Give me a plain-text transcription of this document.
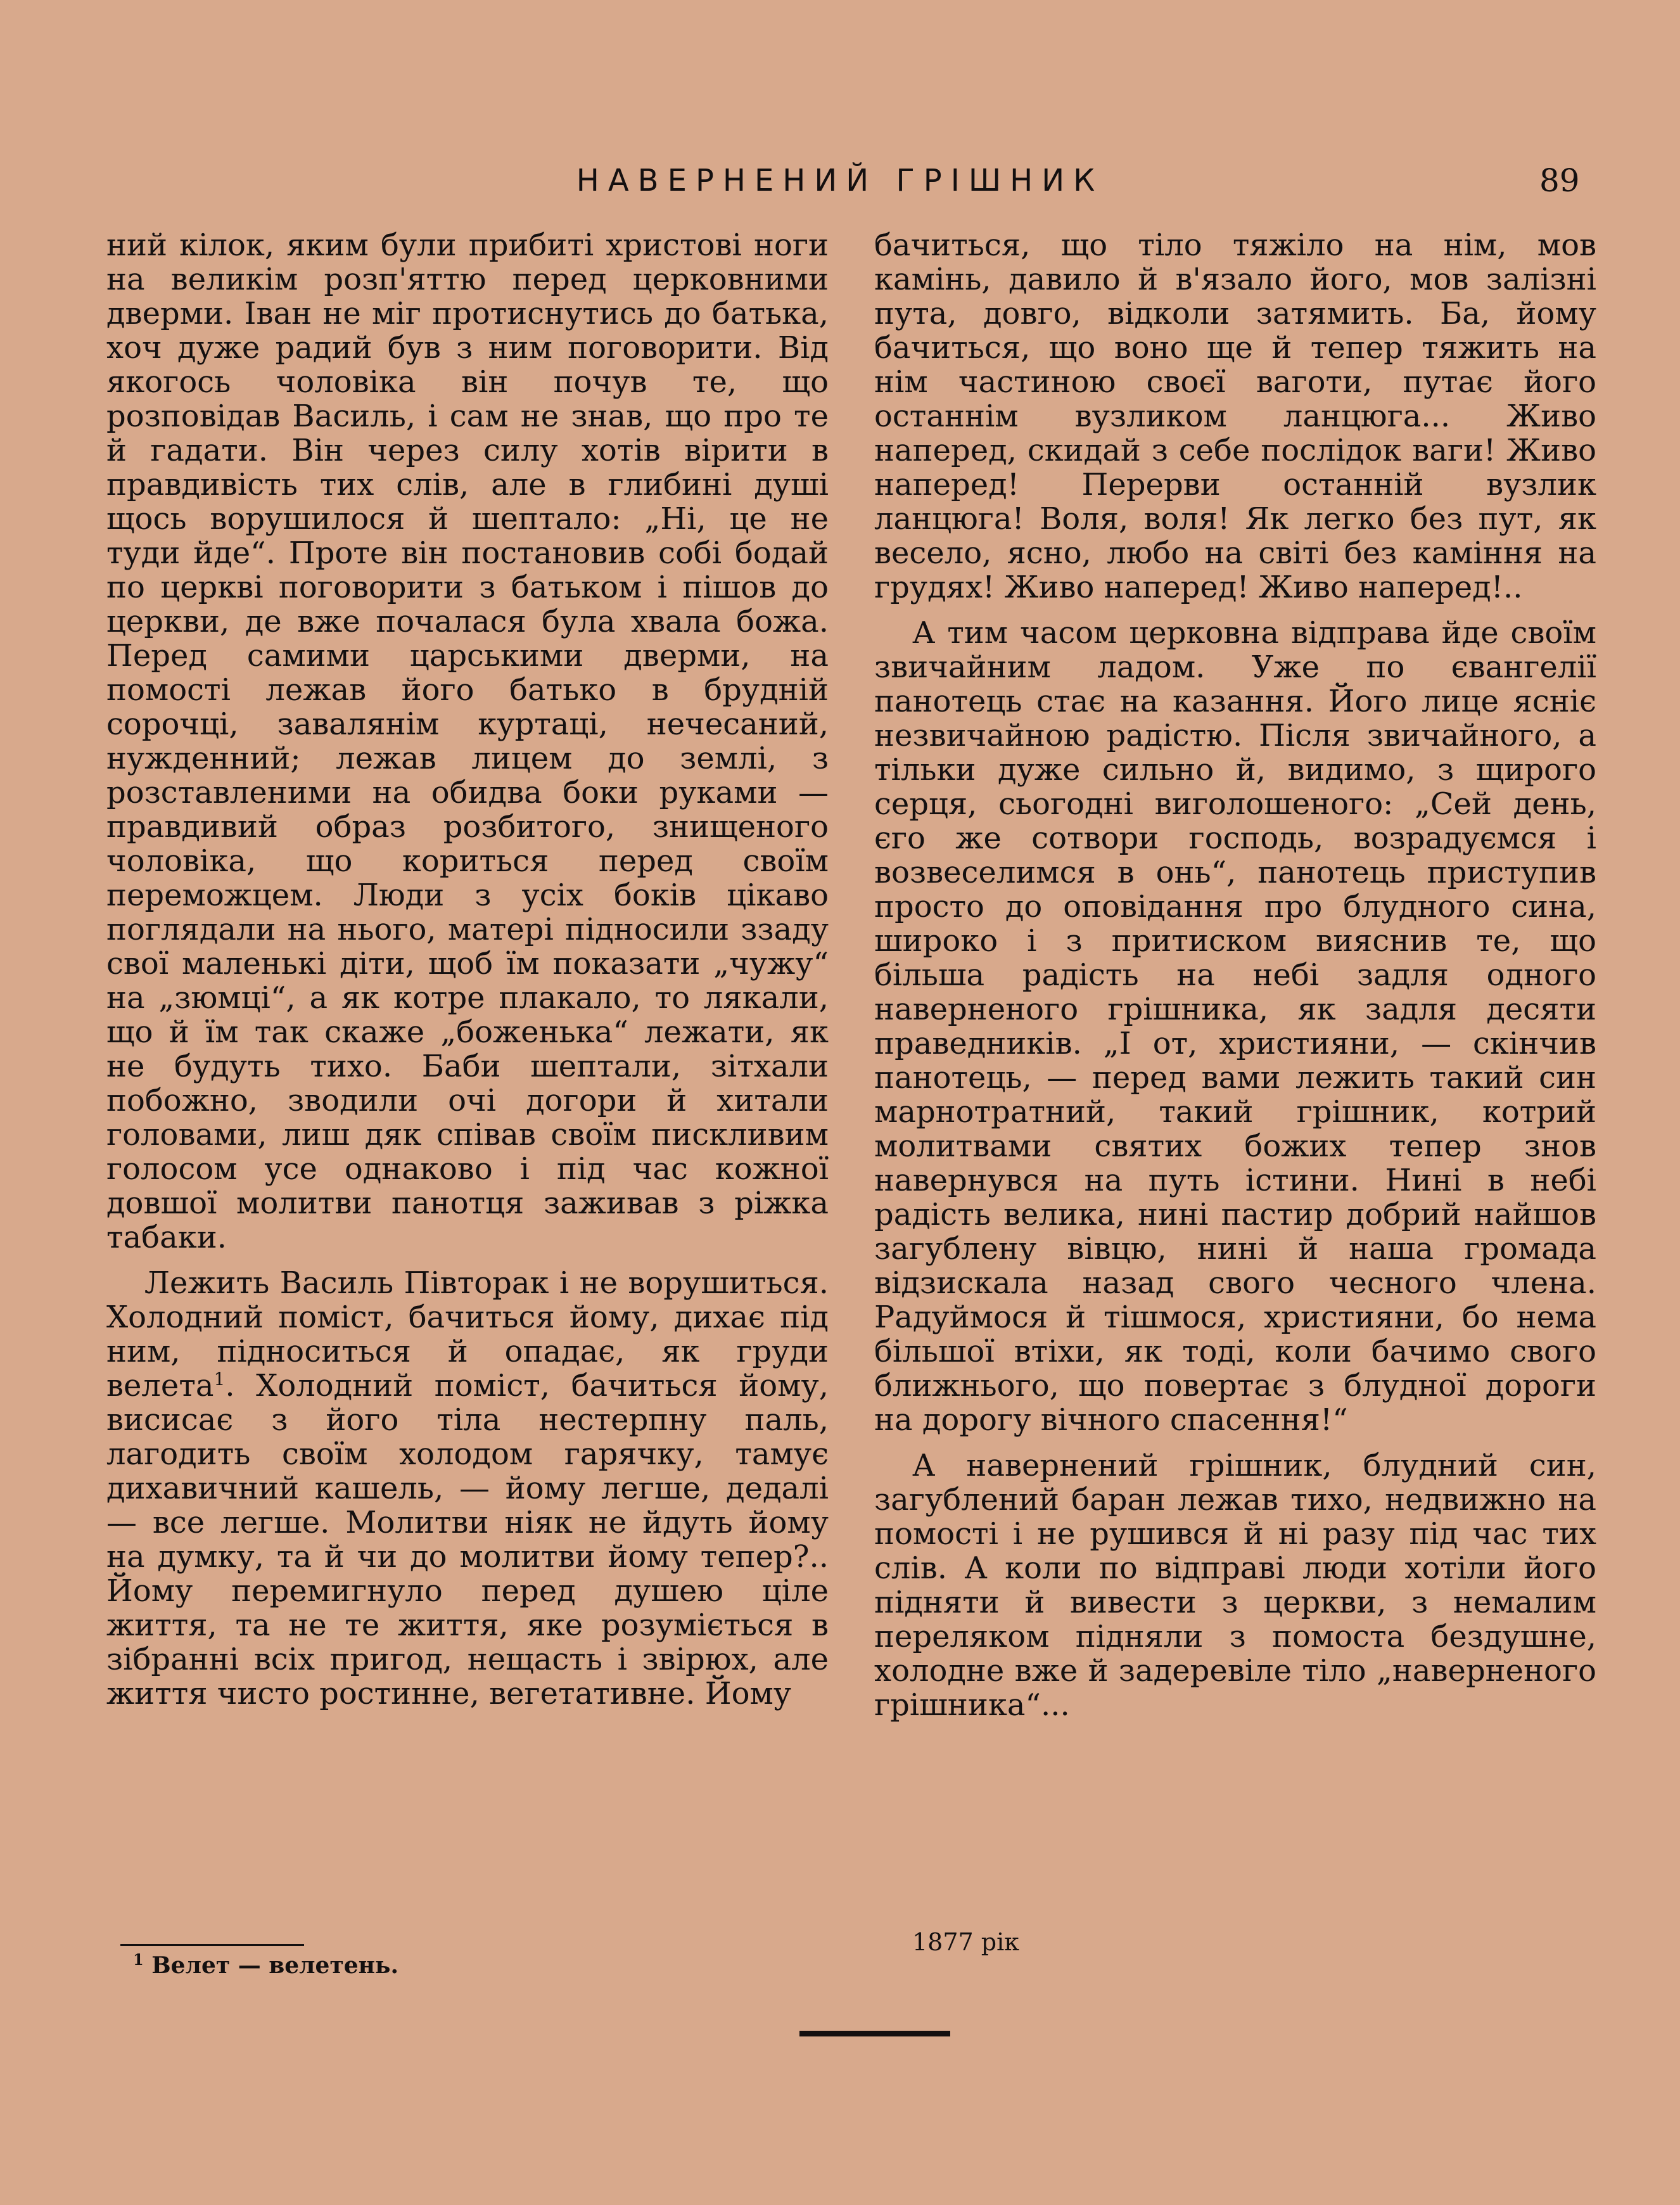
НАВЕРНЕНИЙ ГРІШНИК	89

ний кілок, яким були прибиті христові ноги на великім розп'яттю перед церковними дверми. Іван не міг протиснутись до батька, хоч дуже радий був з ним поговорити. Від якогось чоловіка він почув те, що розповідав Василь, і сам не знав, що про те й гадати. Він через силу хотів вірити в правдивість тих слів, але в глибині душі щось ворушилося й шептало: „Ні, це не туди йде“. Проте він постановив собі бодай по церкві поговорити з батьком і пішов до церкви, де вже почалася була хвала божа. Перед самими царськими дверми, на помості лежав його батько в брудній сорочці, завалянім куртаці, нечесаний, нужденний; лежав лицем до землі, з розставленими на обидва боки руками — правдивий образ розбитого, знищеного чоловіка, що кориться перед своїм переможцем. Люди з усіх боків цікаво поглядали на нього, матері підносили ззаду свої маленькі діти, щоб їм показати „чужу“ на „зюмці“, а як котре плакало, то лякали, що й їм так скаже „боженька“ лежати, як не будуть тихо. Баби шептали, зітхали побожно, зводили очі догори й хитали головами, лиш дяк співав своїм пискливим голосом усе однаково і під час кожної довшої молитви панотця заживав з ріжка табаки.

Лежить Василь Півторак і не ворушиться. Холодний поміст, бачиться йому, дихає під ним, підноситься й опадає, як груди велета$^1$. Холодний поміст, бачиться йому, висисає з його тіла нестерпну паль, лагодить своїм холодом гарячку, тамує дихавичний кашель, — йому легше, дедалі — все легше. Молитви ніяк не йдуть йому на думку, та й чи до молитви йому тепер?.. Йому перемигнуло перед душею ціле життя, та не те життя, яке розуміється в зібранні всіх пригод, нещасть і звірюх, але життя чисто ростинне, вегетативне. Йому

бачиться, що тіло тяжіло на нім, мов камінь, давило й в'язало його, мов залізні пута, довго, відколи затямить. Ба, йому бачиться, що воно ще й тепер тяжить на нім частиною своєї ваготи, путає його останнім вузликом ланцюга... Живо наперед, скидай з себе послідок ваги! Живо наперед! Перерви останній вузлик ланцюга! Воля, воля! Як легко без пут, як весело, ясно, любо на світі без каміння на грудях! Живо наперед! Живо наперед!..

А тим часом церковна відправа йде своїм звичайним ладом. Уже по євангелії панотець стає на казання. Його лице ясніє незвичайною радістю. Після звичайного, а тільки дуже сильно й, видимо, з щирого серця, сьогодні виголошеного: „Сей день, єго же сотвори господь, возрадуємся і возвеселимся в онь“, панотець приступив просто до оповідання про блудного сина, широко і з притиском вияснив те, що більша радість на небі задля одного наверненого грішника, як задля десяти праведників. „І от, християни, — скінчив панотець, — перед вами лежить такий син марнотратний, такий грішник, котрий молитвами святих божих тепер знов навернувся на путь істини. Нині в небі радість велика, нині пастир добрий найшов загублену вівцю, нині й наша громада відзискала назад свого чесного члена. Радуймося й тішмося, християни, бо нема більшої втіхи, як тоді, коли бачимо свого ближнього, що повертає з блудної дороги на дорогу вічного спасення!“

А навернений грішник, блудний син, загублений баран лежав тихо, недвижно на помості і не рушився й ні разу під час тих слів. А коли по відправі люди хотіли його підняти й вивести з церкви, з немалим переляком підняли з помоста бездушне, холодне вже й задеревіле тіло „наверненого грішника“...

$^1$ Велет — велетень.
1877 рік
